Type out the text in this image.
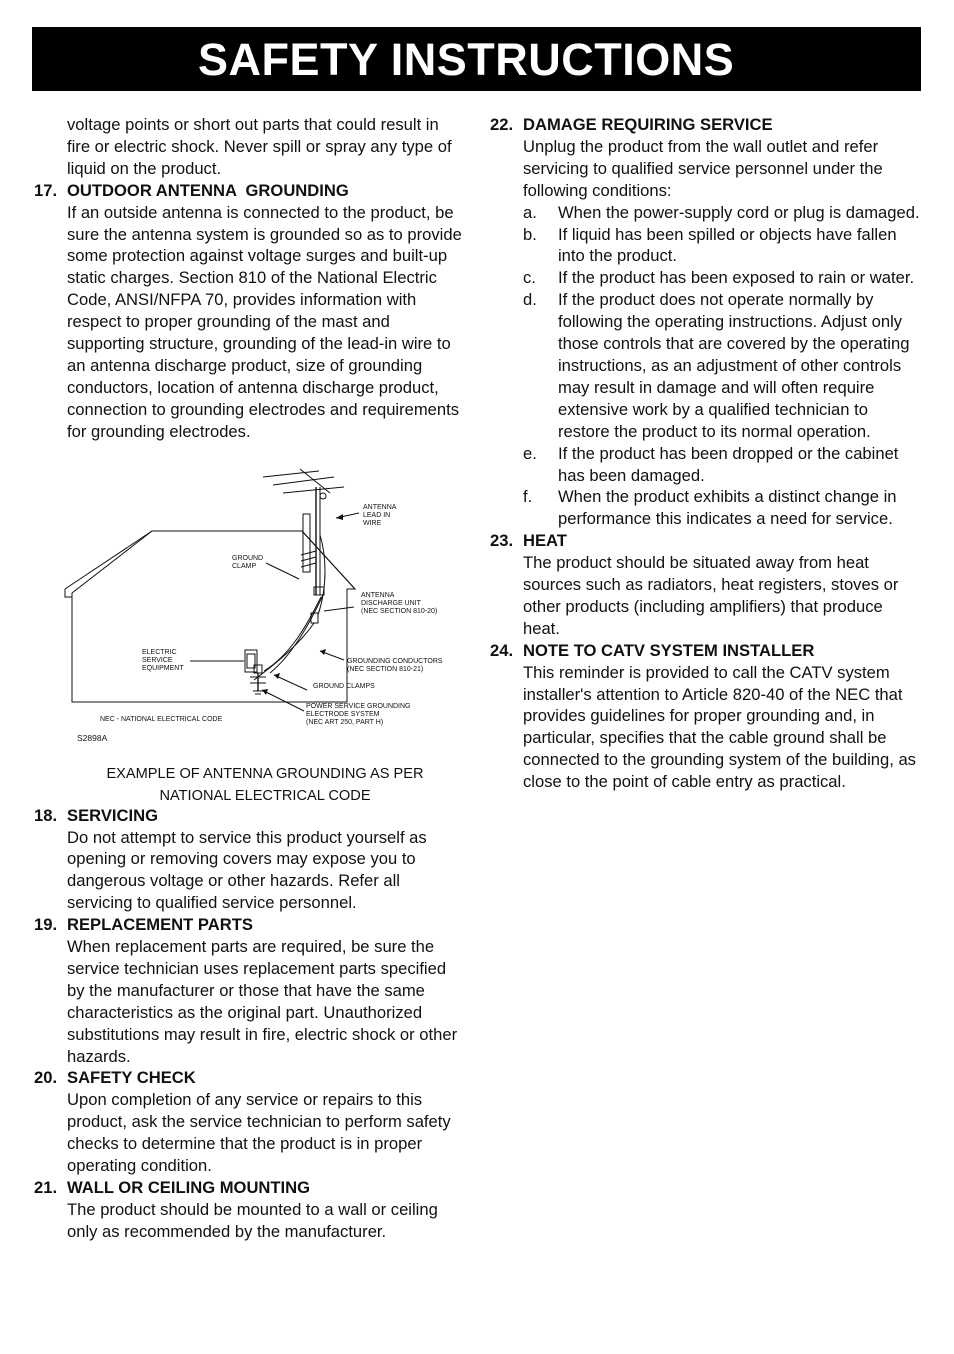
SAFETY INSTRUCTIONS

voltage points or short out parts that could result in fire or electric shock. Never spill or spray any type of liquid on the product.

17. OUTDOOR ANTENNA  GROUNDING

If an outside antenna is connected to the product, be sure the antenna system is grounded so as to provide some protection against voltage surges and built-up static charges. Section 810 of the National Electric Code, ANSI/NFPA 70, provides information with respect to proper grounding of the mast and supporting structure, grounding of the lead-in wire to an antenna discharge product, size of grounding conductors, location of antenna discharge product, connection to grounding electrodes and requirements for grounding electrodes.

ANTENNA
LEAD IN
WIRE
GROUND
CLAMP
ANTENNA
DISCHARGE UNIT
(NEC SECTION 810-20)
ELECTRIC
SERVICE
EQUIPMENT
GROUNDING CONDUCTORS
(NEC SECTION 810-21)
GROUND CLAMPS
POWER SERVICE GROUNDING
ELECTRODE SYSTEM
(NEC ART 250, PART H)
NEC - NATIONAL ELECTRICAL CODE
S2898A

EXAMPLE OF ANTENNA GROUNDING AS PER

NATIONAL ELECTRICAL CODE

18. SERVICING

Do not attempt to service this product yourself as opening or removing covers may expose you to dangerous voltage or other hazards. Refer all servicing to qualified service personnel.

19. REPLACEMENT PARTS

When replacement parts are required, be sure the service technician uses replacement parts specified by the manufacturer or those that have the same characteristics as the original part. Unauthorized substitutions may result in fire, electric shock or other hazards.

20. SAFETY CHECK

Upon completion of any service or repairs to this product, ask the service technician to perform safety checks to determine that the product is in proper operating condition.

21. WALL OR CEILING MOUNTING

The product should be mounted to a wall or ceiling only as recommended by the manufacturer.

22. DAMAGE REQUIRING SERVICE

Unplug the product from the wall outlet and refer servicing to qualified service personnel under the following conditions:

a.	When the power-supply cord or plug is damaged.
b.	If liquid has been spilled or objects have fallen into the product.
c.	If the product has been exposed to rain or water.
d.	If the product does not operate normally by following the operating instructions. Adjust only those controls that are covered by the operating instructions, as an adjustment of other controls may result in damage and will often require extensive work by a qualified technician to restore the product to its normal operation.
e.	If the product has been dropped or the cabinet has been damaged.
f.	When the product exhibits a distinct change in performance this indicates a need for service.
23. HEAT

The product should be situated away from heat sources such as radiators, heat registers, stoves or other products (including amplifiers) that produce heat.

24. NOTE TO CATV SYSTEM INSTALLER

This reminder is provided to call the CATV system installer's attention to Article 820-40 of the NEC that provides guidelines for proper grounding and, in particular, specifies that the cable ground shall be connected to the grounding system of the building, as close to the point of cable entry as practical.
